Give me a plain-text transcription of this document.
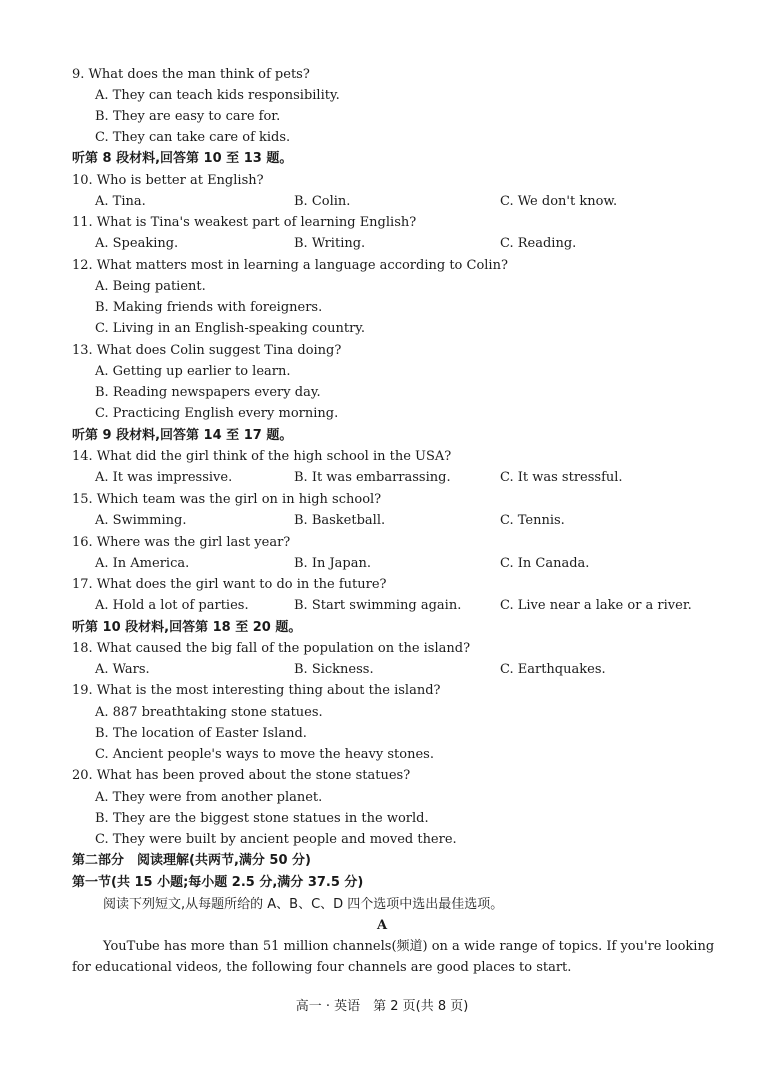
9. What does the man think of pets?
A. They can teach kids responsibility.
B. They are easy to care for.
C. They can take care of kids.
听第 8 段材料,回答第 10 至 13 题。
10. Who is better at English?
A. Tina.	B. Colin.	C. We don't know.
11. What is Tina's weakest part of learning English?
A. Speaking.	B. Writing.	C. Reading.
12. What matters most in learning a language according to Colin?
A. Being patient.
B. Making friends with foreigners.
C. Living in an English-speaking country.
13. What does Colin suggest Tina doing?
A. Getting up earlier to learn.
B. Reading newspapers every day.
C. Practicing English every morning.
听第 9 段材料,回答第 14 至 17 题。
14. What did the girl think of the high school in the USA?
A. It was impressive.	B. It was embarrassing.	C. It was stressful.
15. Which team was the girl on in high school?
A. Swimming.	B. Basketball.	C. Tennis.
16. Where was the girl last year?
A. In America.	B. In Japan.	C. In Canada.
17. What does the girl want to do in the future?
A. Hold a lot of parties.	B. Start swimming again.	C. Live near a lake or a river.
听第 10 段材料,回答第 18 至 20 题。
18. What caused the big fall of the population on the island?
A. Wars.	B. Sickness.	C. Earthquakes.
19. What is the most interesting thing about the island?
A. 887 breathtaking stone statues.
B. The location of Easter Island.
C. Ancient people's ways to move the heavy stones.
20. What has been proved about the stone statues?
A. They were from another planet.
B. They are the biggest stone statues in the world.
C. They were built by ancient people and moved there.
第二部分　阅读理解(共两节,满分 50 分)
第一节(共 15 小题;每小题 2.5 分,满分 37.5 分)
阅读下列短文,从每题所给的 A、B、C、D 四个选项中选出最佳选项。
A
YouTube has more than 51 million channels(频道) on a wide range of topics. If you're looking
for educational videos, the following four channels are good places to start.
高一 · 英语　第 2 页(共 8 页)
